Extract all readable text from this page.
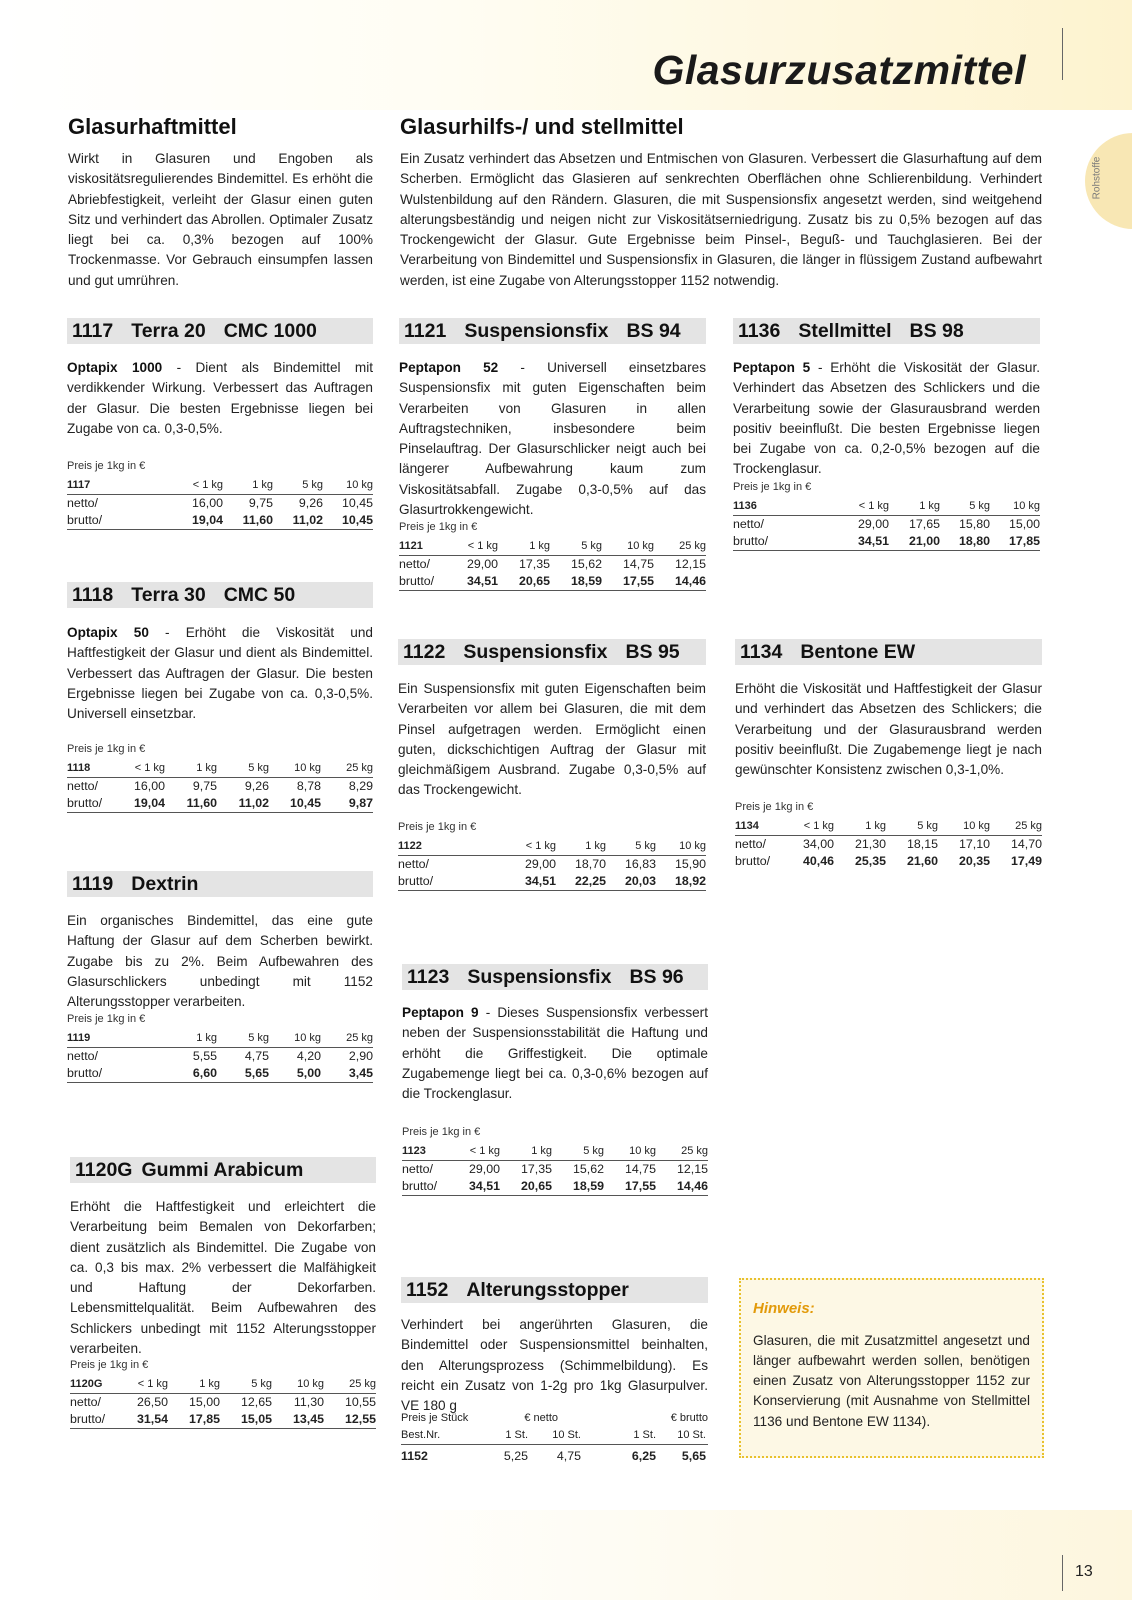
Glasurzusatzmittel
Rohstoffe
Glasurhaftmittel

Wirkt in Glasuren und Engoben als viskositätsregulierendes Bindemittel. Es erhöht die Abriebfestigkeit, verleiht der Glasur einen guten Sitz und verhindert das Abrollen. Optimaler Zusatz liegt bei ca. 0,3% bezogen auf 100% Trockenmasse. Vor Gebrauch einsumpfen lassen und gut umrühren.

Glasurhilfs-/ und stellmittel

Ein Zusatz verhindert das Absetzen und Entmischen von Glasuren. Verbessert die Glasurhaftung auf dem Scherben. Ermöglicht das Glasieren auf senkrechten Oberflächen ohne Schlierenbildung. Verhindert Wulstenbildung auf den Rändern. Glasuren, die mit Suspensionsfix angesetzt werden, sind weitgehend alterungsbeständig und neigen nicht zur Viskositätserniedrigung. Zusatz bis zu 0,5% bezogen auf das Trockengewicht der Glasur. Gute Ergebnisse beim Pinsel-, Beguß- und Tauchglasieren. Bei der Verarbeitung von Bindemittel und Suspensionsfix in Glasuren, die länger in flüssigem Zustand aufbewahrt werden, ist eine Zugabe von Alterungsstopper 1152 notwendig.

1117 Terra 20 CMC 1000

Optapix 1000 - Dient als Bindemittel mit verdikkender Wirkung. Verbessert das Auftragen der Glasur. Die besten Ergebnisse liegen bei Zugabe von ca. 0,3-0,5%.

Preis je 1kg in €
1117	< 1 kg	1 kg	5 kg	10 kg
netto/	16,00	9,75	9,26	10,45
brutto/	19,04	11,60	11,02	10,45
1118 Terra 30 CMC 50

Optapix 50 - Erhöht die Viskosität und Haftfestigkeit der Glasur und dient als Bindemittel. Verbessert das Auftragen der Glasur. Die besten Ergebnisse liegen bei Zugabe von ca. 0,3-0,5%. Universell einsetzbar.

Preis je 1kg in €
1118	< 1 kg	1 kg	5 kg	10 kg	25 kg
netto/	16,00	9,75	9,26	8,78	8,29
brutto/	19,04	11,60	11,02	10,45	9,87
1119 Dextrin

Ein organisches Bindemittel, das eine gute Haftung der Glasur auf dem Scherben bewirkt. Zugabe bis zu 2%. Beim Aufbewahren des Glasurschlickers unbedingt mit 1152 Alterungsstopper verarbeiten.

Preis je 1kg in €
1119	1 kg	5 kg	10 kg	25 kg
netto/	5,55	4,75	4,20	2,90
brutto/	6,60	5,65	5,00	3,45
1120G Gummi Arabicum

Erhöht die Haftfestigkeit und erleichtert die Verarbeitung beim Bemalen von Dekorfarben; dient zusätzlich als Bindemittel. Die Zugabe von ca. 0,3 bis max. 2% verbessert die Malfähigkeit und Haftung der Dekorfarben. Lebensmittelqualität. Beim Aufbewahren des Schlickers unbedingt mit 1152 Alterungsstopper verarbeiten.

Preis je 1kg in €
1120G	< 1 kg	1 kg	5 kg	10 kg	25 kg
netto/	26,50	15,00	12,65	11,30	10,55
brutto/	31,54	17,85	15,05	13,45	12,55
1121 Suspensionsfix BS 94

Peptapon 52 - Universell einsetzbares Suspensionsfix mit guten Eigenschaften beim Verarbeiten von Glasuren in allen Auftragstechniken, insbesondere beim Pinselauftrag. Der Glasurschlicker neigt auch bei längerer Aufbewahrung kaum zum Viskositätsabfall. Zugabe 0,3-0,5% auf das Glasurtrokkengewicht.

Preis je 1kg in €
1121	< 1 kg	1 kg	5 kg	10 kg	25 kg
netto/	29,00	17,35	15,62	14,75	12,15
brutto/	34,51	20,65	18,59	17,55	14,46
1122 Suspensionsfix BS 95

Ein Suspensionsfix mit guten Eigenschaften beim Verarbeiten vor allem bei Glasuren, die mit dem Pinsel aufgetragen werden. Ermöglicht einen guten, dickschichtigen Auftrag der Glasur mit gleichmäßigem Ausbrand. Zugabe 0,3-0,5% auf das Trockengewicht.

Preis je 1kg in €
1122	< 1 kg	1 kg	5 kg	10 kg
netto/	29,00	18,70	16,83	15,90
brutto/	34,51	22,25	20,03	18,92
1123 Suspensionsfix BS 96

Peptapon 9 - Dieses Suspensionsfix verbessert neben der Suspensionsstabilität die Haftung und erhöht die Griffestigkeit. Die optimale Zugabemenge liegt bei ca. 0,3-0,6% bezogen auf die Trockenglasur.

Preis je 1kg in €
1123	< 1 kg	1 kg	5 kg	10 kg	25 kg
netto/	29,00	17,35	15,62	14,75	12,15
brutto/	34,51	20,65	18,59	17,55	14,46
1152 Alterungsstopper

Verhindert bei angerührten Glasuren, die Bindemittel oder Suspensionsmittel beinhalten, den Alterungsprozess (Schimmelbildung). Es reicht ein Zusatz von 1-2g pro 1kg Glasurpulver. VE 180 g

Preis je Stück	€ netto	€ brutto
Best.Nr.	1 St.	10 St.	1 St.	10 St.
1152	5,25	4,75	6,25	5,65
1136 Stellmittel BS 98

Peptapon 5 - Erhöht die Viskosität der Glasur. Verhindert das Absetzen des Schlickers und die Verarbeitung sowie der Glasurausbrand werden positiv beeinflußt. Die besten Ergebnisse liegen bei Zugabe von ca. 0,2-0,5% bezogen auf die Trockenglasur.

Preis je 1kg in €
1136	< 1 kg	1 kg	5 kg	10 kg
netto/	29,00	17,65	15,80	15,00
brutto/	34,51	21,00	18,80	17,85
1134 Bentone EW

Erhöht die Viskosität und Haftfestigkeit der Glasur und verhindert das Absetzen des Schlickers; die Verarbeitung und der Glasurausbrand werden positiv beeinflußt. Die Zugabemenge liegt je nach gewünschter Konsistenz zwischen 0,3-1,0%.

Preis je 1kg in €
1134	< 1 kg	1 kg	5 kg	10 kg	25 kg
netto/	34,00	21,30	18,15	17,10	14,70
brutto/	40,46	25,35	21,60	20,35	17,49
Hinweis:
Glasuren, die mit Zusatzmittel angesetzt und länger aufbewahrt werden sollen, benötigen einen Zusatz von Alterungsstopper 1152 zur Konservierung (mit Ausnahme von Stellmittel 1136 und Bentone EW 1134).
13
